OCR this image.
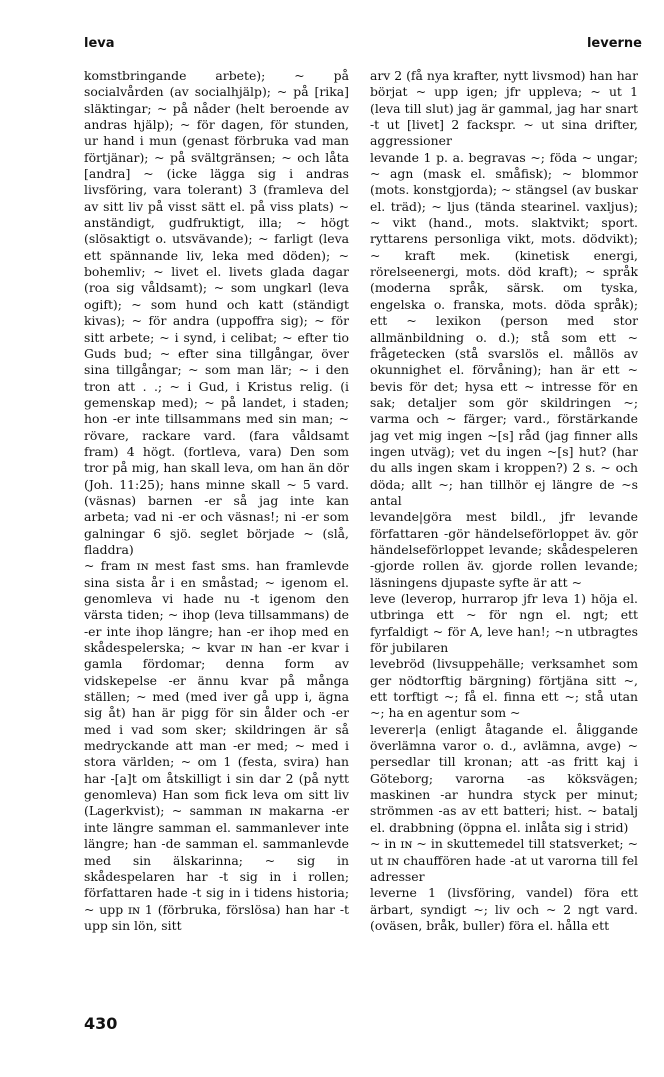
leva	leverne

komstbringande arbete); ~ på socialvården (av socialhjälp); ~ på [rika] släktingar; ~ på nåder (helt beroende av andras hjälp); ~ för dagen, för stunden, ur hand i mun (genast förbruka vad man förtjänar); ~ på svältgränsen; ~ och låta [andra] ~ (icke lägga sig i andras livsföring, vara tolerant) 3 (framleva del av sitt liv på visst sätt el. på viss plats) ~ anständigt, gudfruktigt, illa; ~ högt (slösaktigt o. utsvävande); ~ farligt (leva ett spännande liv, leka med döden); ~ bohemliv; ~ livet el. livets glada dagar (roa sig våldsamt); ~ som ungkarl (leva ogift); ~ som hund och katt (ständigt kivas); ~ för andra (uppoffra sig); ~ för sitt arbete; ~ i synd, i celibat; ~ efter tio Guds bud; ~ efter sina tillgångar, över sina tillgångar; ~ som man lär; ~ i den tron att . .; ~ i Gud, i Kristus relig. (i gemenskap med); ~ på landet, i staden; hon -er inte tillsammans med sin man; ~ rövare, rackare vard. (fara våldsamt fram) 4 högt. (fortleva, vara) Den som tror på mig, han skall leva, om han än dör (Joh. 11:25); hans minne skall ~ 5 vard. (väsnas) barnen -er så jag inte kan arbeta; vad ni -er och väsnas!; ni -er som galningar 6 sjö. seglet började ~ (slå, fladdra)

~ fram ɪɴ mest fast sms. han framlevde sina sista år i en småstad; ~ igenom el. genomleva vi hade nu -t igenom den värsta tiden; ~ ihop (leva tillsammans) de -er inte ihop längre; han -er ihop med en skådespelerska; ~ kvar ɪɴ han -er kvar i gamla fördomar; denna form av vidskepelse -er ännu kvar på många ställen; ~ med (med iver gå upp i, ägna sig åt) han är pigg för sin ålder och -er med i vad som sker; skildringen är så medryckande att man -er med; ~ med i stora världen; ~ om 1 (festa, svira) han har -[a]t om åtskilligt i sin dar 2 (på nytt genomleva) Han som fick leva om sitt liv (Lagerkvist); ~ samman ɪɴ makarna -er inte längre samman el. sammanlever inte längre; han -de samman el. sammanlevde med sin älskarinna; ~ sig in skådespelaren har -t sig in i rollen; författaren hade -t sig in i tidens historia; ~ upp ɪɴ 1 (förbruka, förslösa) han har -t upp sin lön, sitt

arv 2 (få nya krafter, nytt livsmod) han har börjat ~ upp igen; jfr uppleva; ~ ut 1 (leva till slut) jag är gammal, jag har snart -t ut [livet] 2 fackspr. ~ ut sina drifter, aggressioner

levande 1 p. a. begravas ~; föda ~ ungar; ~ agn (mask el. småfisk); ~ blommor (mots. konstgjorda); ~ stängsel (av buskar el. träd); ~ ljus (tända stearinel. vaxljus); ~ vikt (hand., mots. slaktvikt; sport. ryttarens personliga vikt, mots. dödvikt); ~ kraft mek. (kinetisk energi, rörelseenergi, mots. död kraft); ~ språk (moderna språk, särsk. om tyska, engelska o. franska, mots. döda språk); ett ~ lexikon (person med stor allmänbildning o. d.); stå som ett ~ frågetecken (stå svarslös el. mållös av okunnighet el. förvåning); han är ett ~ bevis för det; hysa ett ~ intresse för en sak; detaljer som gör skildringen ~; varma och ~ färger; vard., förstärkande jag vet mig ingen ~[s] råd (jag finner alls ingen utväg); vet du ingen ~[s] hut? (har du alls ingen skam i kroppen?) 2 s. ~ och döda; allt ~; han tillhör ej längre de ~s antal

levande|göra mest bildl., jfr levande författaren -gör händelseförloppet äv. gör händelseförloppet levande; skådespeleren -gjorde rollen äv. gjorde rollen levande; läsningens djupaste syfte är att ~

leve (leverop, hurrarop jfr leva 1) höja el. utbringa ett ~ för ngn el. ngt; ett fyrfaldigt ~ för A, leve han!; ~n utbragtes för jubilaren

levebröd (livsuppehälle; verksamhet som ger nödtorftig bärgning) förtjäna sitt ~, ett torftigt ~; få el. finna ett ~; stå utan ~; ha en agentur som ~

leverer|a (enligt åtagande el. åliggande överlämna varor o. d., avlämna, avge) ~ persedlar till kronan; att -as fritt kaj i Göteborg; varorna -as köksvägen; maskinen -ar hundra styck per minut; strömmen -as av ett batteri; hist. ~ batalj el. drabbning (öppna el. inlåta sig i strid)

~ in ɪɴ ~ in skuttemedel till statsverket; ~ ut ɪɴ chauffören hade -at ut varorna till fel adresser

leverne 1 (livsföring, vandel) föra ett ärbart, syndigt ~; liv och ~ 2 ngt vard. (oväsen, bråk, buller) föra el. hålla ett

430
